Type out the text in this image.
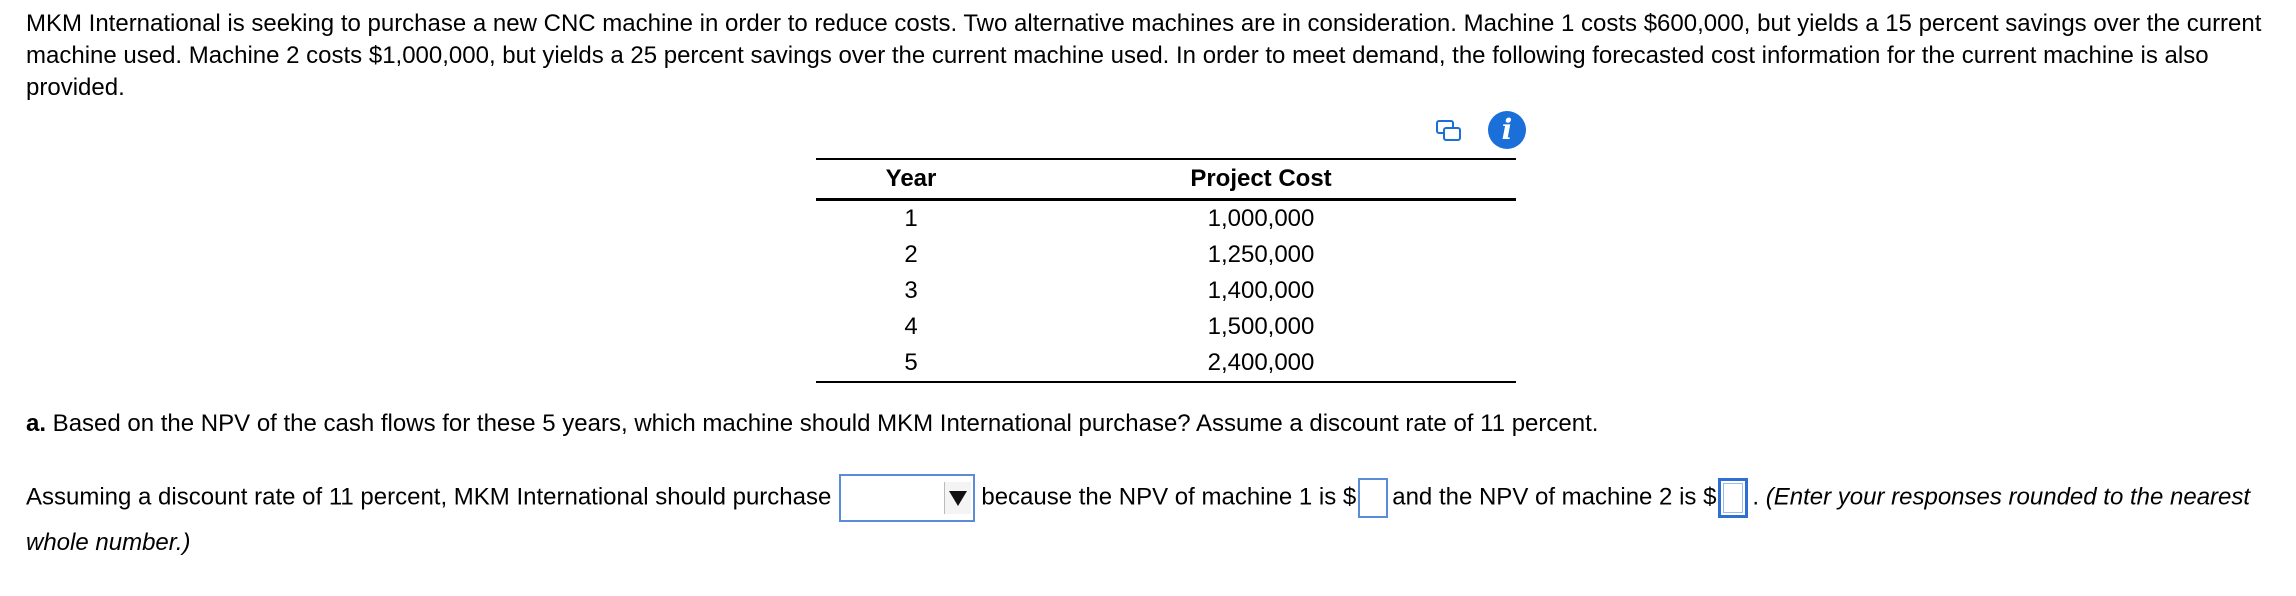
MKM International is seeking to purchase a new CNC machine in order to reduce costs. Two alternative machines are in consideration. Machine 1 costs $600,000, but yields a 15 percent savings over the current machine used. Machine 2 costs $1,000,000, but yields a 25 percent savings over the current machine used. In order to meet demand, the following forecasted cost information for the current machine is also provided.
i
Year	Project Cost
1	1,000,000
2	1,250,000
3	1,400,000
4	1,500,000
5	2,400,000
a. Based on the NPV of the cash flows for these 5 years, which machine should MKM International purchase? Assume a discount rate of 11 percent.
Assuming a discount rate of 11 percent, MKM International should purchase	because the NPV of machine 1 is $ and the NPV of machine 2 is $ . (Enter your responses rounded to the nearest whole number.)
